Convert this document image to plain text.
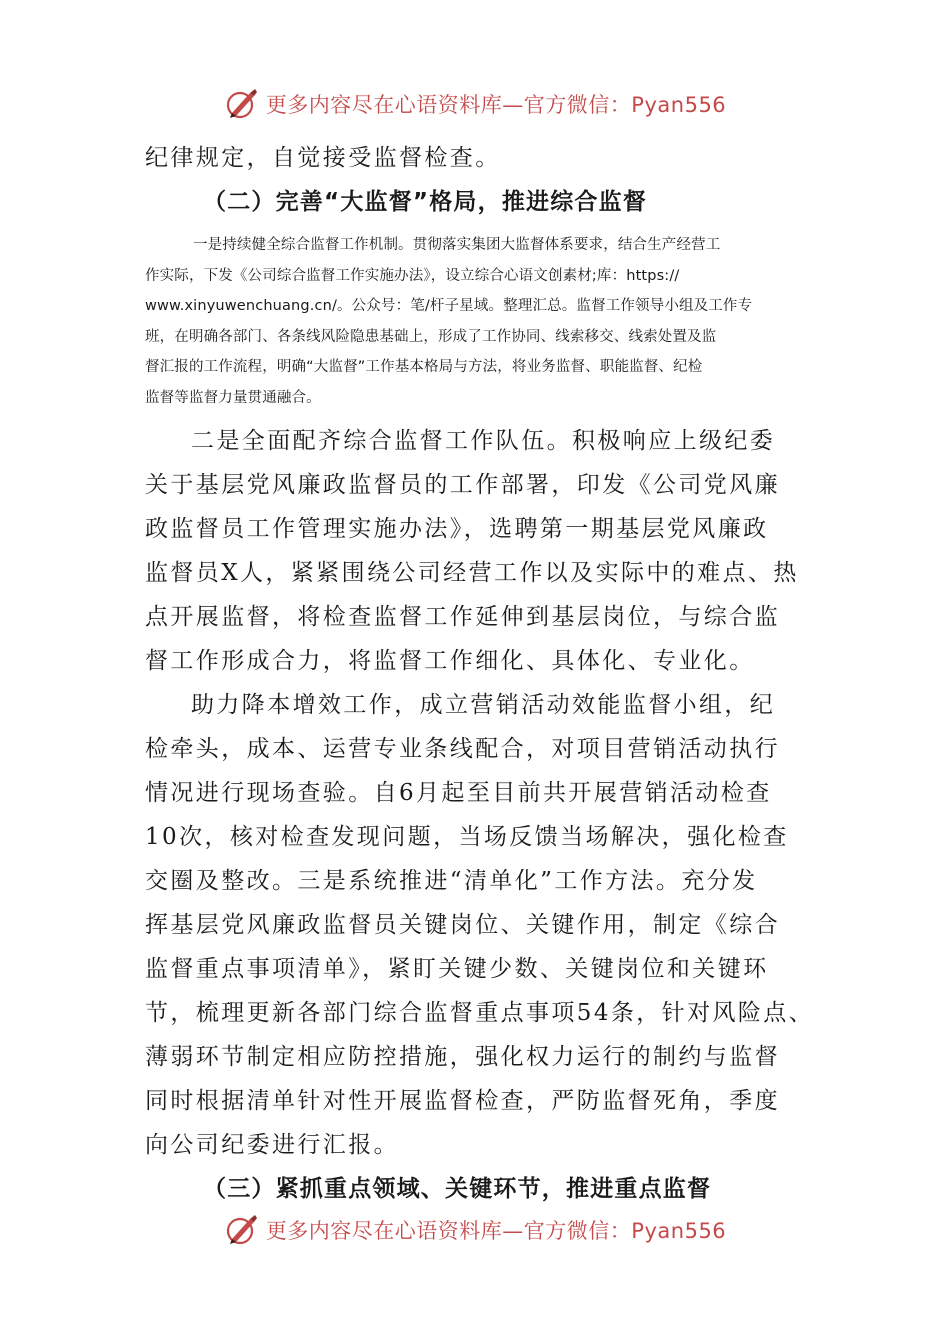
更多内容尽在心语资料库—官方微信：Pyan556

纪律规定，自觉接受监督检查。

（二）完善“大监督”格局，推进综合监督

一是持续健全综合监督工作机制。贯彻落实集团大监督体系要求，结合生产经营工
作实际，下发《公司综合监督工作实施办法》，设立综合心语文创素材;库：https://
www.xinyuwenchuang.cn/。公众号：笔/杆子星域。整理汇总。监督工作领导小组及工作专
班，在明确各部门、各条线风险隐患基础上，形成了工作协同、线索移交、线索处置及监
督汇报的工作流程，明确“大监督”工作基本格局与方法，将业务监督、职能监督、纪检
监督等监督力量贯通融合。

二是全面配齐综合监督工作队伍。积极响应上级纪委

关于基层党风廉政监督员的工作部署，印发《公司党风廉

政监督员工作管理实施办法》，选聘第一期基层党风廉政

监督员X人，紧紧围绕公司经营工作以及实际中的难点、热

点开展监督，将检查监督工作延伸到基层岗位，与综合监

督工作形成合力，将监督工作细化、具体化、专业化。

助力降本增效工作，成立营销活动效能监督小组，纪

检牵头，成本、运营专业条线配合，对项目营销活动执行

情况进行现场查验。自6月起至目前共开展营销活动检查

10次，核对检查发现问题，当场反馈当场解决，强化检查

交圈及整改。三是系统推进“清单化”工作方法。充分发

挥基层党风廉政监督员关键岗位、关键作用，制定《综合

监督重点事项清单》，紧盯关键少数、关键岗位和关键环

节，梳理更新各部门综合监督重点事项54条，针对风险点、

薄弱环节制定相应防控措施，强化权力运行的制约与监督

同时根据清单针对性开展监督检查，严防监督死角，季度

向公司纪委进行汇报。

（三）紧抓重点领域、关键环节，推进重点监督

更多内容尽在心语资料库—官方微信：Pyan556
